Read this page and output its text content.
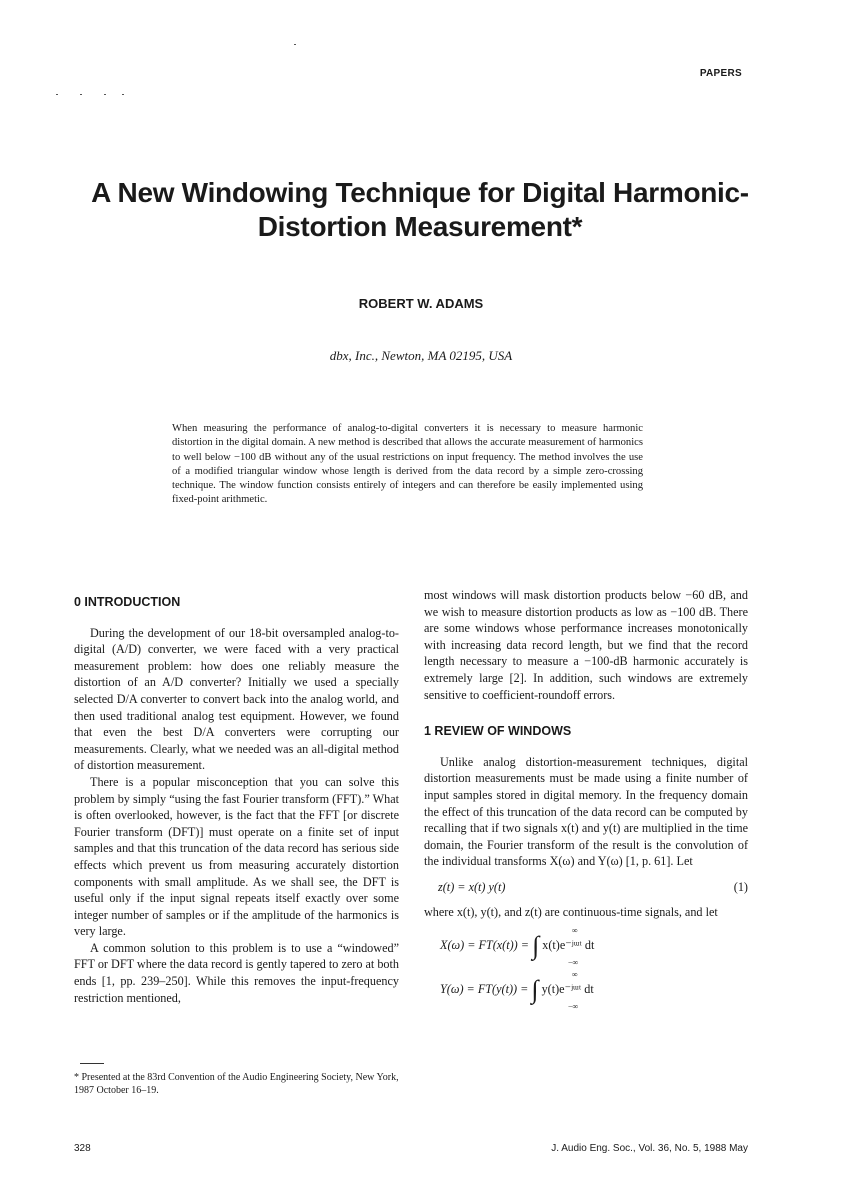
PAPERS
A New Windowing Technique for Digital Harmonic-Distortion Measurement*
ROBERT W. ADAMS
dbx, Inc., Newton, MA 02195, USA
When measuring the performance of analog-to-digital converters it is necessary to measure harmonic distortion in the digital domain. A new method is described that allows the accurate measurement of harmonics to well below −100 dB without any of the usual restrictions on input frequency. The method involves the use of a modified triangular window whose length is derived from the data record by a simple zero-crossing technique. The window function consists entirely of integers and can therefore be easily implemented using fixed-point arithmetic.
0 INTRODUCTION

During the development of our 18-bit oversampled analog-to-digital (A/D) converter, we were faced with a very practical measurement problem: how does one reliably measure the distortion of an A/D converter? Initially we used a specially selected D/A converter to convert back into the analog world, and then used traditional analog test equipment. However, we found that even the best D/A converters were corrupting our measurements. Clearly, what we needed was an all-digital method of distortion measurement.

There is a popular misconception that you can solve this problem by simply “using the fast Fourier transform (FFT).” What is often overlooked, however, is the fact that the FFT [or discrete Fourier transform (DFT)] must operate on a finite set of input samples and that this truncation of the data record has serious side effects which prevent us from measuring accurately distortion components with small amplitude. As we shall see, the DFT is useful only if the input signal repeats itself exactly over some integer number of samples or if the amplitude of the harmonics is very large.

A common solution to this problem is to use a “windowed” FFT or DFT where the data record is gently tapered to zero at both ends [1, pp. 239–250]. While this removes the input-frequency restriction mentioned,

most windows will mask distortion products below −60 dB, and we wish to measure distortion products as low as −100 dB. There are some windows whose performance increases monotonically with increasing data record length, but we find that the record length necessary to measure a −100-dB harmonic accurately is extremely large [2]. In addition, such windows are extremely sensitive to coefficient-roundoff errors.

1 REVIEW OF WINDOWS

Unlike analog distortion-measurement techniques, digital distortion measurements must be made using a finite number of input samples stored in digital memory. In the frequency domain the effect of this truncation of the data record can be computed by recalling that if two signals x(t) and y(t) are multiplied in the time domain, the Fourier transform of the result is the convolution of the individual transforms X(ω) and Y(ω) [1, p. 61]. Let

z(t) = x(t) y(t)	(1)

where x(t), y(t), and z(t) are continuous-time signals, and let

X(ω) = FT(x(t)) = ∫ x(t)e⁻ʲᵚᵗ dt
∞
−∞
Y(ω) = FT(y(t)) = ∫ y(t)e⁻ʲᵚᵗ dt
∞
−∞
* Presented at the 83rd Convention of the Audio Engineering Society, New York, 1987 October 16–19.
328	J. Audio Eng. Soc., Vol. 36, No. 5, 1988 May
